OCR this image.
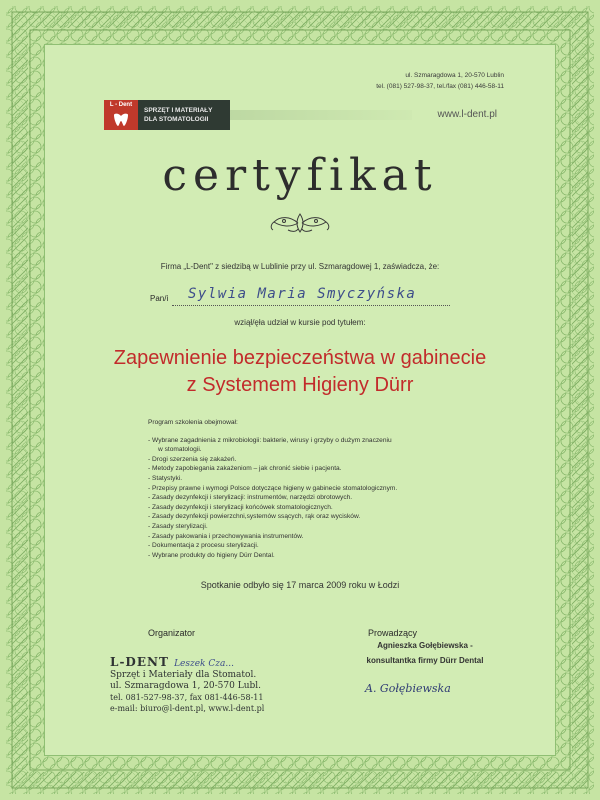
ul. Szmaragdowa 1, 20-570 Lublin
tel. (081) 527-98-37, tel./fax (081) 446-58-11
L - Dent
SPRZĘT I MATERIAŁY
DLA STOMATOLOGII	www.l-dent.pl
certyfikat
Firma „L-Dent" z siedzibą w Lublinie przy ul. Szmaragdowej 1, zaświadcza, że:
Pan/i Sylwia Maria Smyczyńska
wziął/ęła udział w kursie pod tytułem:
Zapewnienie bezpieczeństwa w gabinecie
z Systemem Higieny Dürr
Program szkolenia obejmował:
- Wybrane zagadnienia z mikrobiologii: bakterie, wirusy i grzyby o dużym znaczeniu
w stomatologii.
- Drogi szerzenia się zakażeń.
- Metody zapobiegania zakażeniom – jak chronić siebie i pacjenta.
- Statystyki.
- Przepisy prawne i wymogi Polsce dotyczące higieny w gabinecie stomatologicznym.
- Zasady dezynfekcji i sterylizacji: instrumentów, narzędzi obrotowych.
- Zasady dezynfekcji i sterylizacji końcówek stomatologicznych.
- Zasady dezynfekcji powierzchni,systemów ssących, rąk oraz wycisków.
- Zasady sterylizacji.
- Zasady pakowania i przechowywania instrumentów.
- Dokumentacja z procesu sterylizacji.
- Wybrane produkty do higieny Dürr Dental.
Spotkanie odbyło się 17 marca 2009 roku w Łodzi
Organizator	Prowadzący
Agnieszka Gołębiewska -
konsultantka firmy Dürr Dental
L-DENT Leszek Cza...
Sprzęt i Materiały dla Stomatol.
ul. Szmaragdowa 1, 20-570 Lubl.
tel. 081-527-98-37, fax 081-446-58-11
e-mail: biuro@l-dent.pl, www.l-dent.pl
A. Gołębiewska
